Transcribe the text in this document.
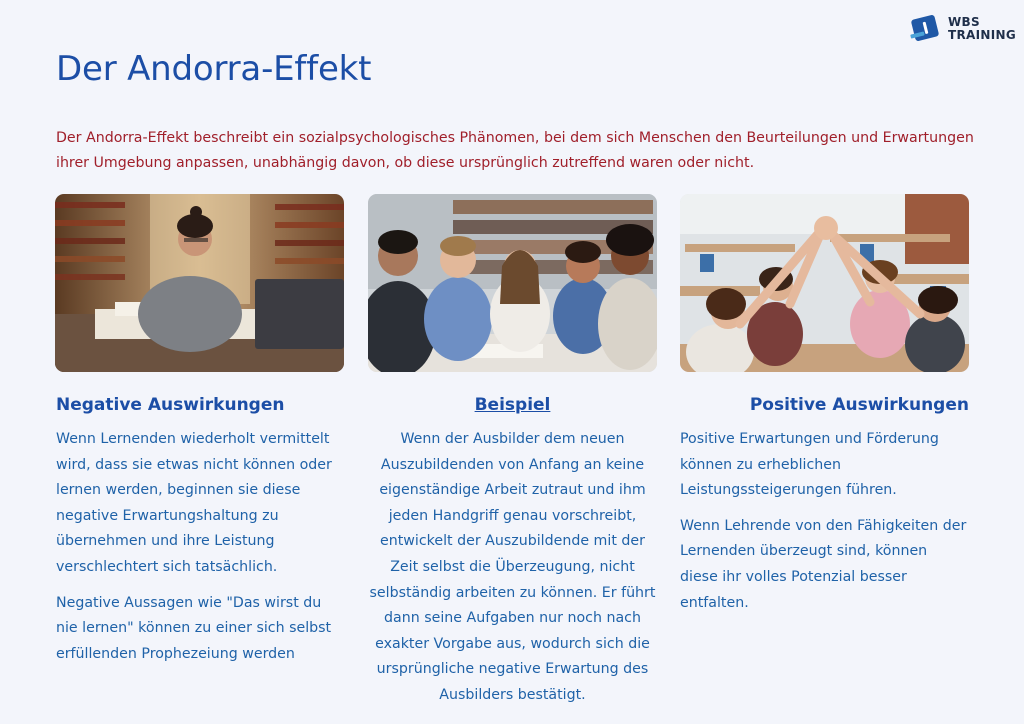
WBS
TRAINING
Der Andorra-Effekt

Der Andorra-Effekt beschreibt ein sozialpsychologisches Phänomen, bei dem sich Menschen den Beurteilungen und Erwartungen ihrer Umgebung anpassen, unabhängig davon, ob diese ursprünglich zutreffend waren oder nicht.

Negative Auswirkungen

Wenn Lernenden wiederholt vermittelt wird, dass sie etwas nicht können oder lernen werden, beginnen sie diese negative Erwartungshaltung zu übernehmen und ihre Leistung verschlechtert sich tatsächlich.

Negative Aussagen wie "Das wirst du nie lernen" können zu einer sich selbst erfüllenden Prophezeiung werden

Beispiel

Wenn der Ausbilder dem neuen Auszubildenden von Anfang an keine eigenständige Arbeit zutraut und ihm jeden Handgriff genau vorschreibt, entwickelt der Auszubildende mit der Zeit selbst die Überzeugung, nicht selbständig arbeiten zu können. Er führt dann seine Aufgaben nur noch nach exakter Vorgabe aus, wodurch sich die ursprüngliche negative Erwartung des Ausbilders bestätigt.

Positive Auswirkungen

Positive Erwartungen und Förderung können zu erheblichen Leistungssteigerungen führen.

Wenn Lehrende von den Fähigkeiten der Lernenden überzeugt sind, können diese ihr volles Potenzial besser entfalten.
